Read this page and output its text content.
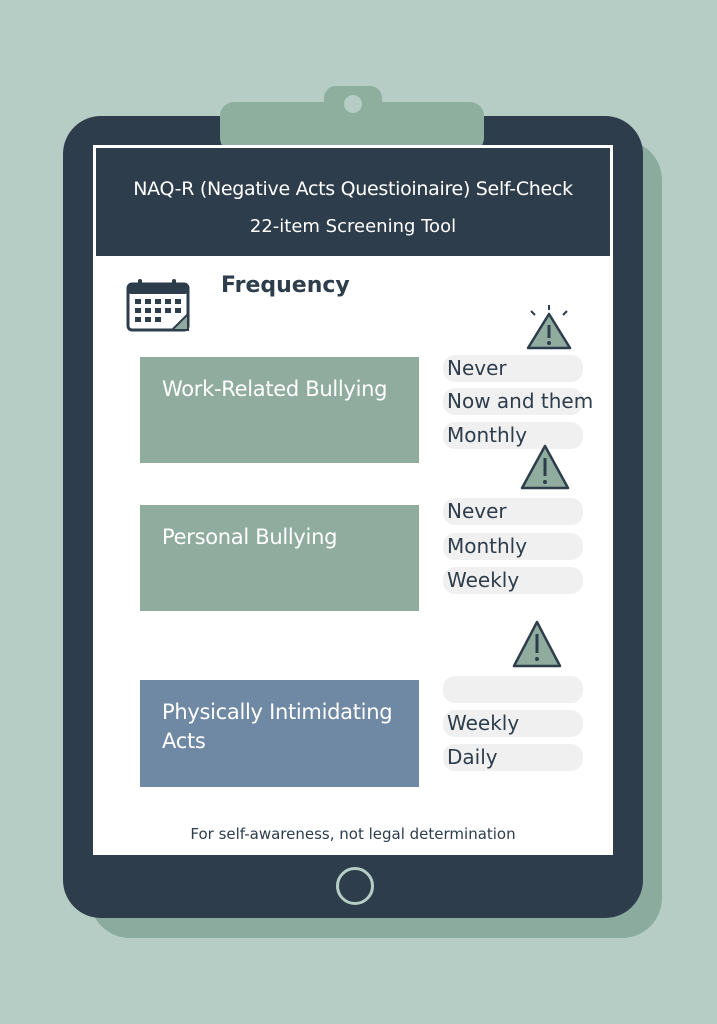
NAQ-R (Negative Acts Questioinaire) Self-Check
22-item Screening Tool
Frequency
Work-Related Bullying
Never
Now and them
Monthly
Personal Bullying
Never
Monthly
Weekly
Physically Intimidating Acts
Weekly
Daily
For self-awareness, not legal determination
